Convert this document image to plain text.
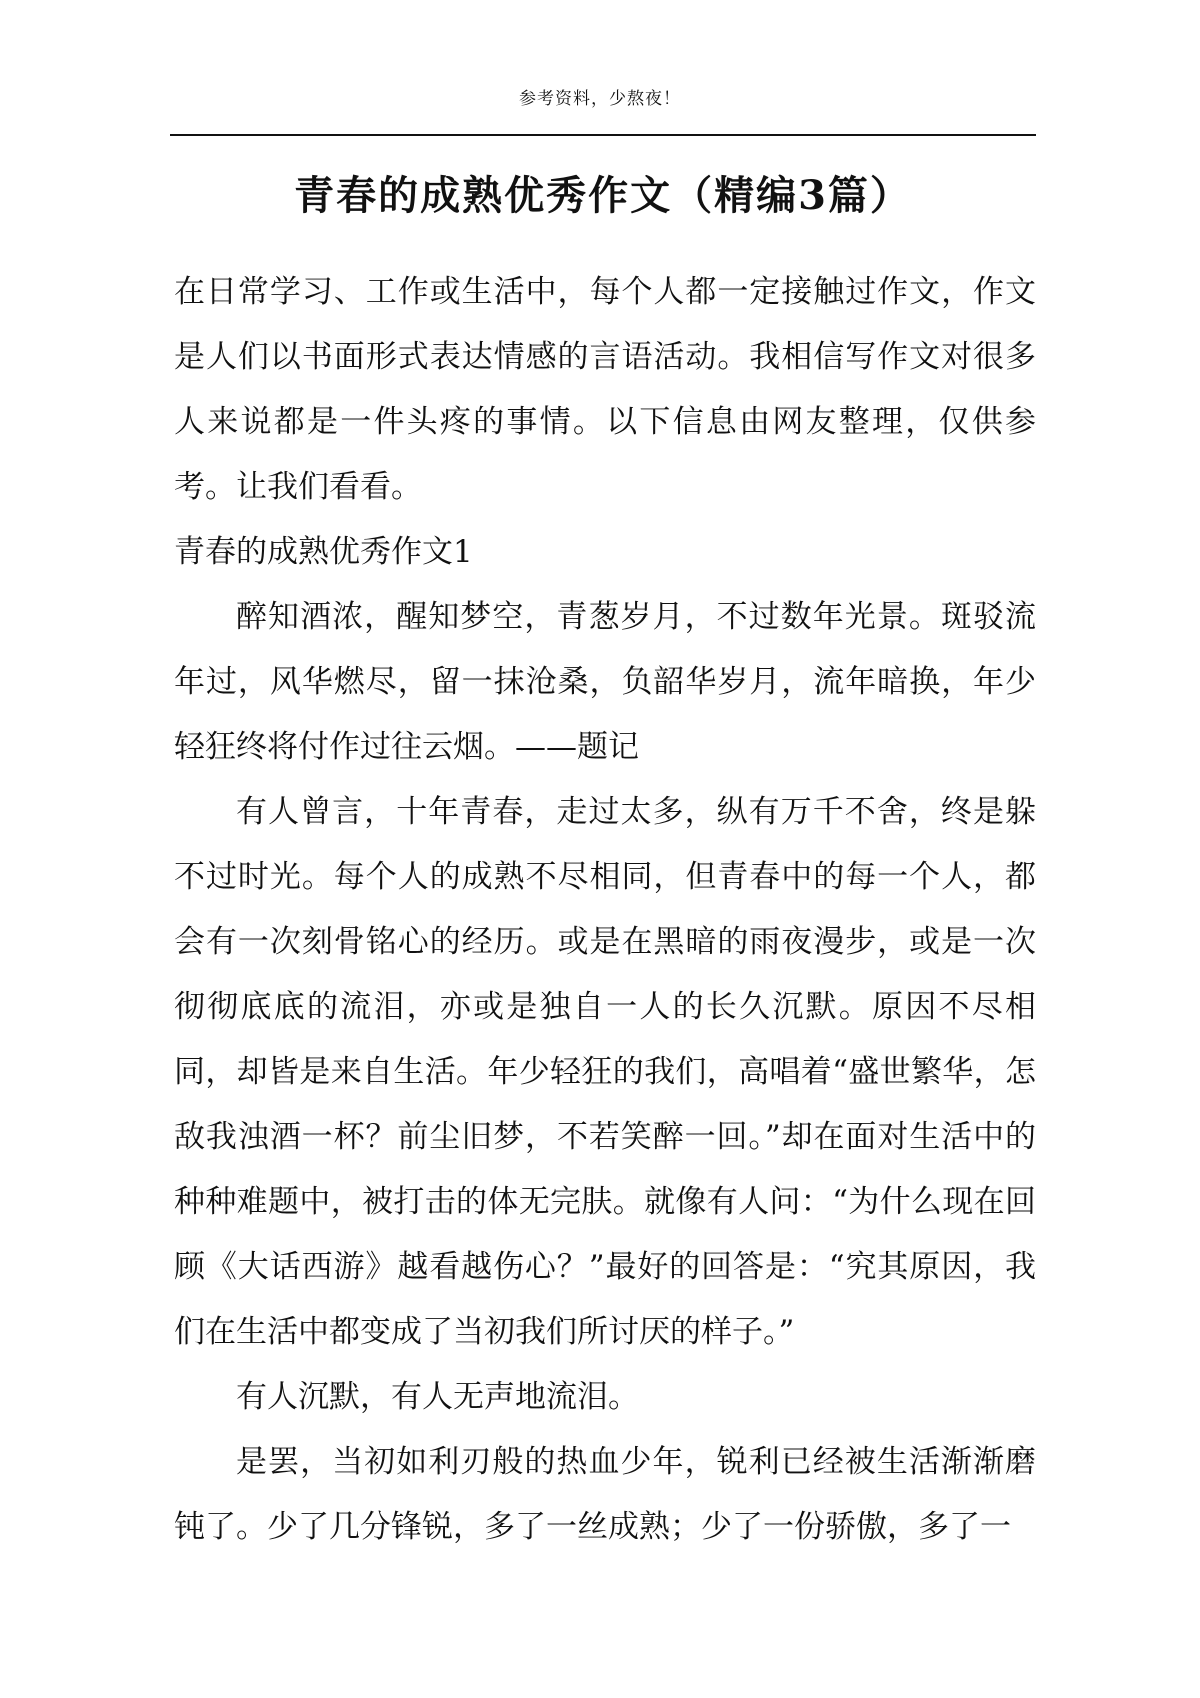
参考资料，少熬夜！
青春的成熟优秀作文（精编3篇）

在日常学习、工作或生活中，每个人都一定接触过作文，作文是人们以书面形式表达情感的言语活动。我相信写作文对很多人来说都是一件头疼的事情。以下信息由网友整理，仅供参考。让我们看看。

青春的成熟优秀作文1

醉知酒浓，醒知梦空，青葱岁月，不过数年光景。斑驳流年过，风华燃尽，留一抹沧桑，负韶华岁月，流年暗换，年少轻狂终将付作过往云烟。——题记

有人曾言，十年青春，走过太多，纵有万千不舍，终是躲不过时光。每个人的成熟不尽相同，但青春中的每一个人，都会有一次刻骨铭心的经历。或是在黑暗的雨夜漫步，或是一次彻彻底底的流泪，亦或是独自一人的长久沉默。原因不尽相同，却皆是来自生活。年少轻狂的我们，高唱着“盛世繁华，怎敌我浊酒一杯？前尘旧梦，不若笑醉一回。”却在面对生活中的种种难题中，被打击的体无完肤。就像有人问：“为什么现在回顾《大话西游》越看越伤心？”最好的回答是：“究其原因，我们在生活中都变成了当初我们所讨厌的样子。”

有人沉默，有人无声地流泪。

是罢，当初如利刃般的热血少年，锐利已经被生活渐渐磨钝了。少了几分锋锐，多了一丝成熟；少了一份骄傲，多了一
